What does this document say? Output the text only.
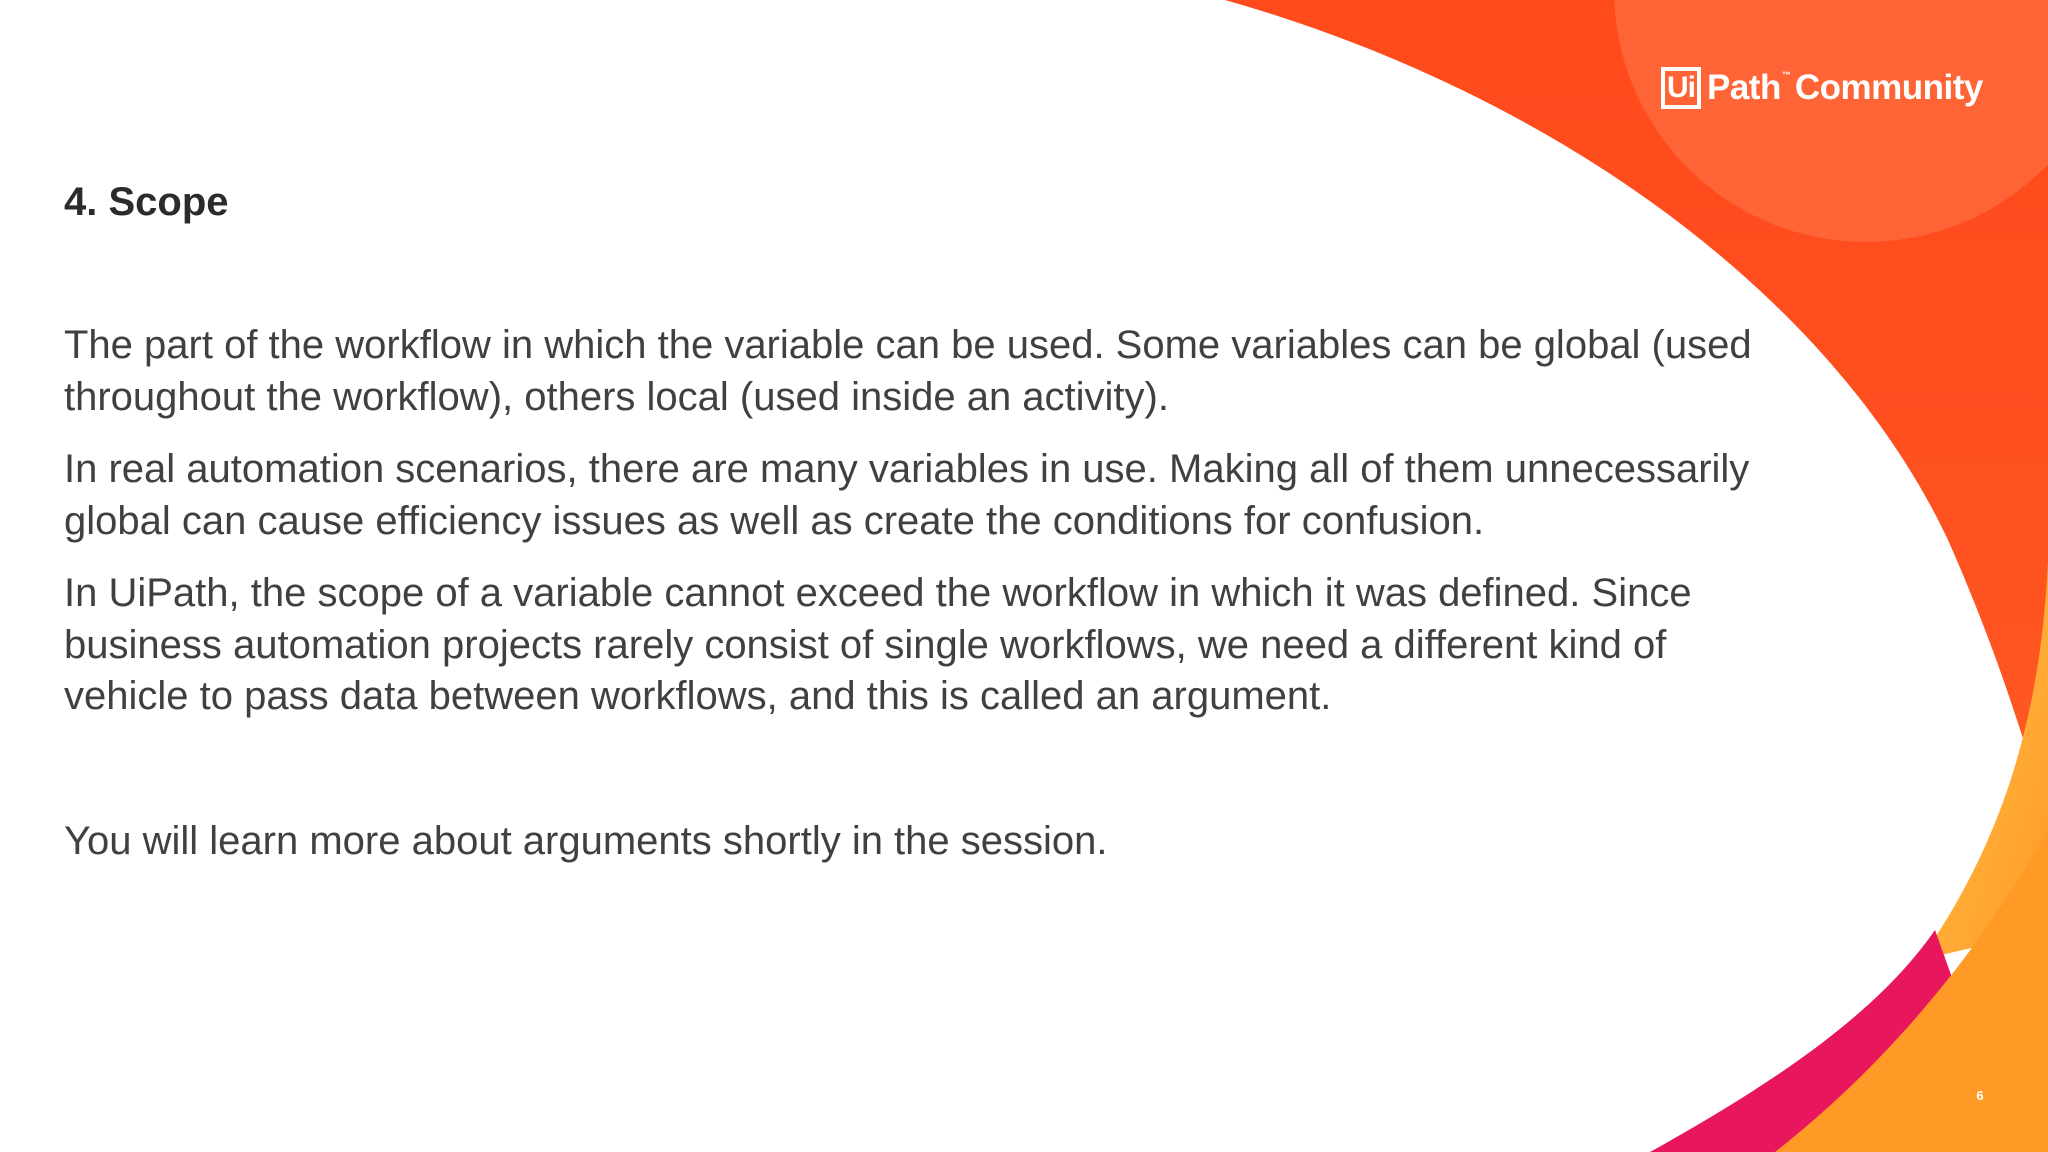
Ui Path ™ Community
4. Scope

The part of the workflow in which the variable can be used. Some variables can be global (used throughout the workflow), others local (used inside an activity).

In real automation scenarios, there are many variables in use. Making all of them unnecessarily global can cause efficiency issues as well as create the conditions for confusion.

In UiPath, the scope of a variable cannot exceed the workflow in which it was defined. Since business automation projects rarely consist of single workflows, we need a different kind of vehicle to pass data between workflows, and this is called an argument.

You will learn more about arguments shortly in the session.

6
